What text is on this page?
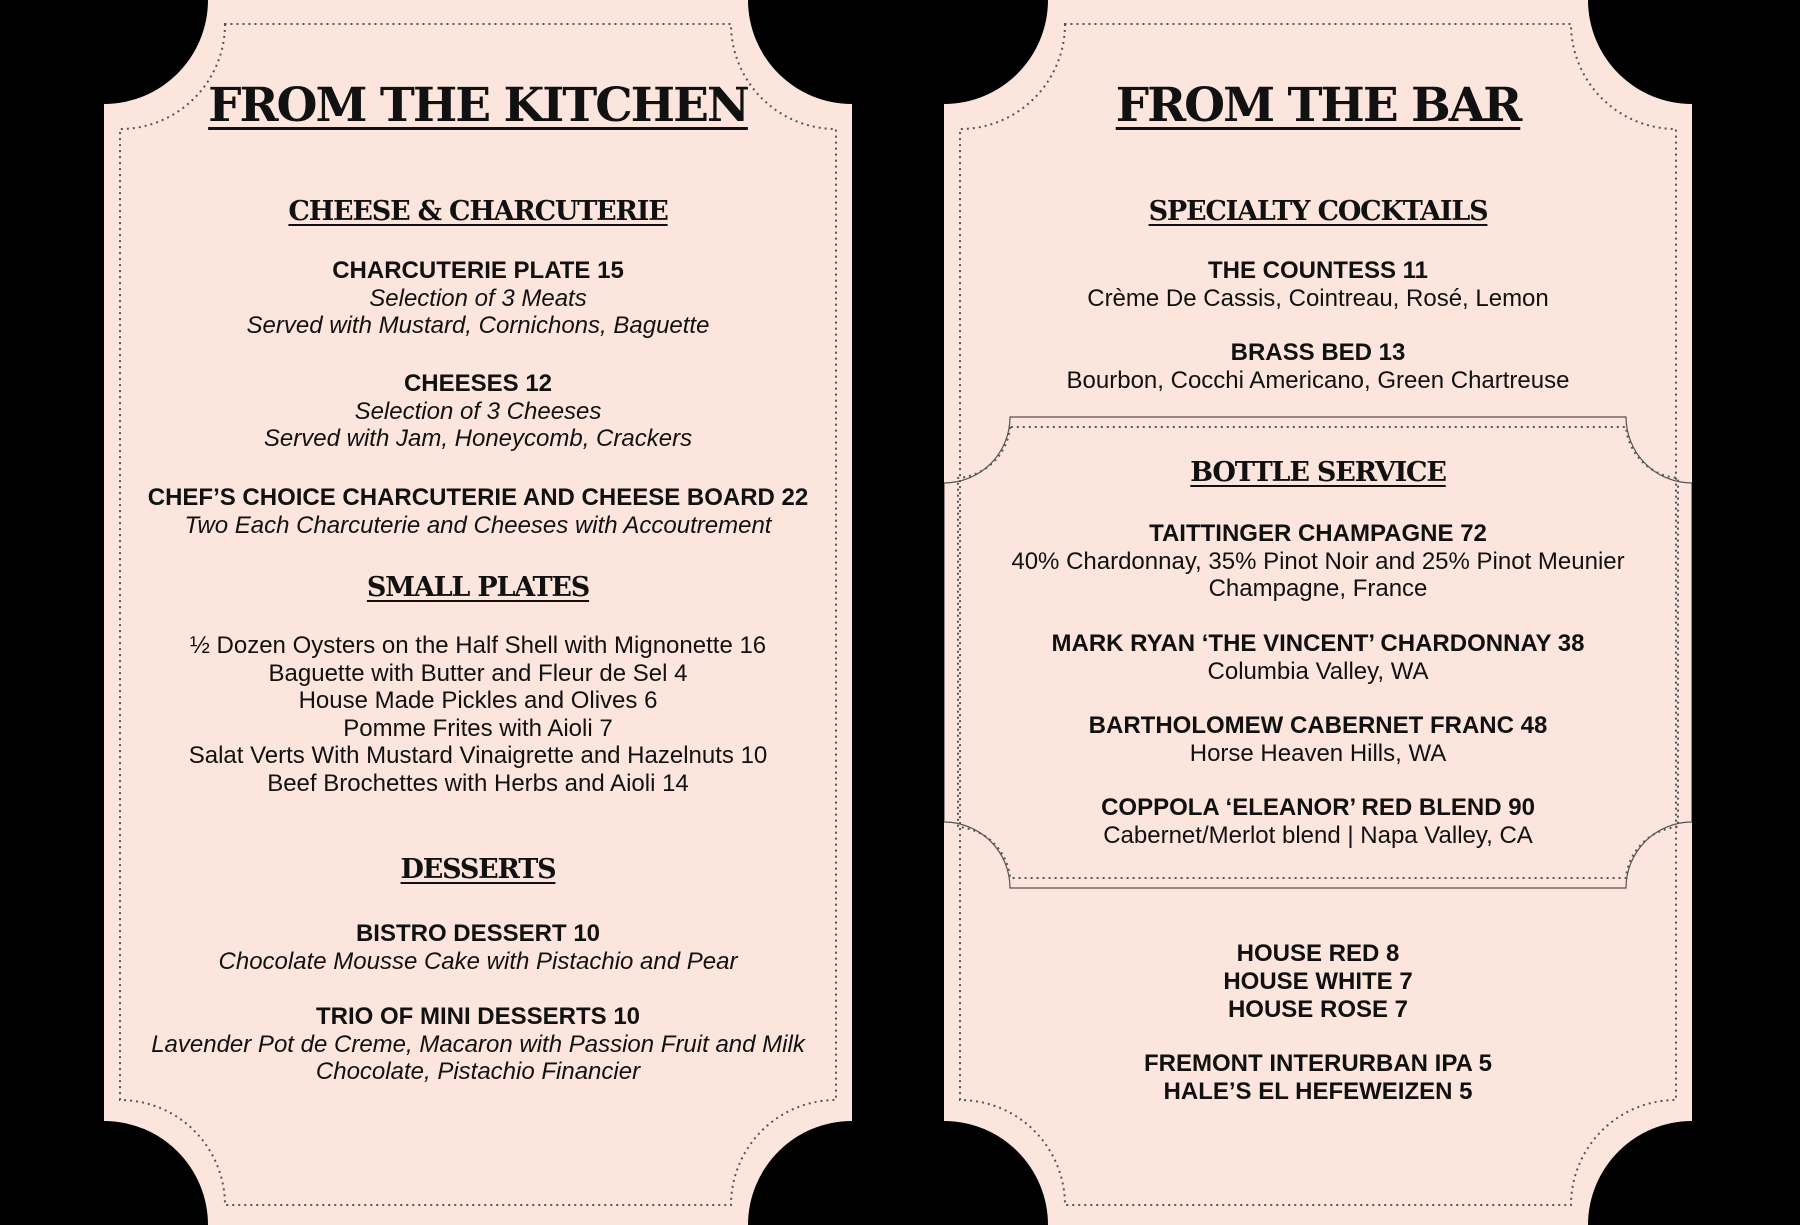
FROM THE KITCHEN
CHEESE & CHARCUTERIE
CHARCUTERIE PLATE 15
Selection of 3 Meats
Served with Mustard, Cornichons, Baguette
CHEESES 12
Selection of 3 Cheeses
Served with Jam, Honeycomb, Crackers
CHEF’S CHOICE CHARCUTERIE AND CHEESE BOARD 22
Two Each Charcuterie and Cheeses with Accoutrement
SMALL PLATES
½ Dozen Oysters on the Half Shell with Mignonette 16
Baguette with Butter and Fleur de Sel 4
House Made Pickles and Olives 6
Pomme Frites with Aioli 7
Salat Verts With Mustard Vinaigrette and Hazelnuts 10
Beef Brochettes with Herbs and Aioli 14
DESSERTS
BISTRO DESSERT 10
Chocolate Mousse Cake with Pistachio and Pear
TRIO OF MINI DESSERTS 10
Lavender Pot de Creme, Macaron with Passion Fruit and Milk
Chocolate, Pistachio Financier
FROM THE BAR
SPECIALTY COCKTAILS
THE COUNTESS 11
Crème De Cassis, Cointreau, Rosé, Lemon
BRASS BED 13
Bourbon, Cocchi Americano, Green Chartreuse
BOTTLE SERVICE
TAITTINGER CHAMPAGNE 72
40% Chardonnay, 35% Pinot Noir and 25% Pinot Meunier
Champagne, France
MARK RYAN ‘THE VINCENT’ CHARDONNAY 38
Columbia Valley, WA
BARTHOLOMEW CABERNET FRANC 48
Horse Heaven Hills, WA
COPPOLA ‘ELEANOR’ RED BLEND 90
Cabernet/Merlot blend | Napa Valley, CA
HOUSE RED 8
HOUSE WHITE 7
HOUSE ROSE 7
FREMONT INTERURBAN IPA 5
HALE’S EL HEFEWEIZEN 5
